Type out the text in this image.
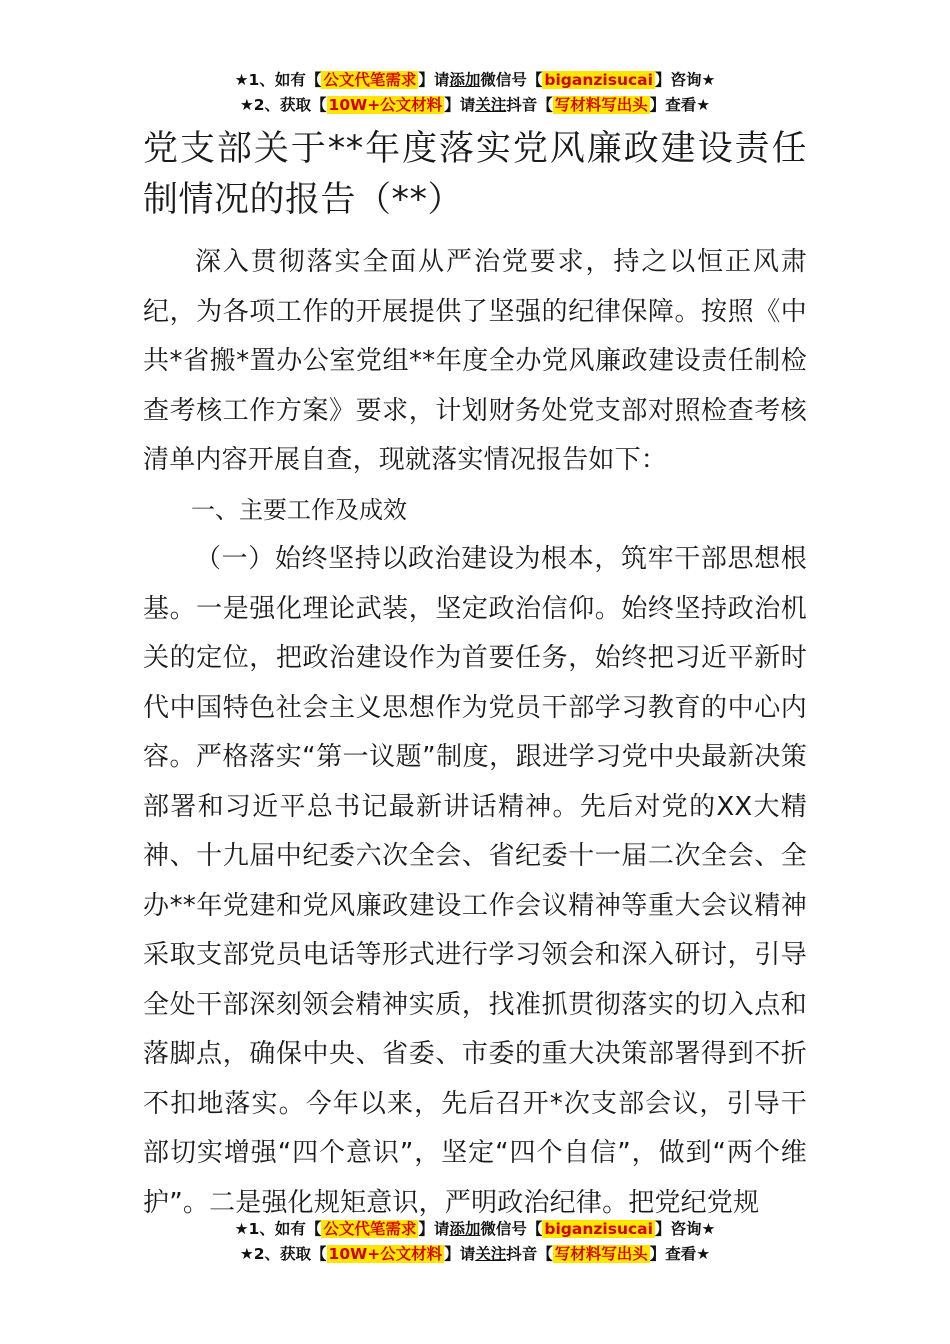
★1、如有【 公文代笔需求 】请添加微信号【 biganzisucai 】咨询★
★2、获取【 10W+公文材料 】请关注抖音【 写材料写出头 】查看★
党支部关于**年度落实党风廉政建设责任制情况的报告（**）

深入贯彻落实全面从严治党要求，持之以恒正风肃纪，为各项工作的开展提供了坚强的纪律保障。按照《中共*省搬*置办公室党组**年度全办党风廉政建设责任制检查考核工作方案》要求，计划财务处党支部对照检查考核清单内容开展自查，现就落实情况报告如下：

一、主要工作及成效

（一）始终坚持以政治建设为根本，筑牢干部思想根基。一是强化理论武装，坚定政治信仰。始终坚持政治机关的定位，把政治建设作为首要任务，始终把习近平新时代中国特色社会主义思想作为党员干部学习教育的中心内容。严格落实“第一议题”制度，跟进学习党中央最新决策部署和习近平总书记最新讲话精神。先后对党的XX大精神、十九届中纪委六次全会、省纪委十一届二次全会、全办**年党建和党风廉政建设工作会议精神等重大会议精神采取支部党员电话等形式进行学习领会和深入研讨，引导全处干部深刻领会精神实质，找准抓贯彻落实的切入点和落脚点，确保中央、省委、市委的重大决策部署得到不折不扣地落实。今年以来，先后召开*次支部会议，引导干部切实增强“四个意识”，坚定“四个自信”，做到“两个维护”。二是强化规矩意识，严明政治纪律。把党纪党规

★1、如有【 公文代笔需求 】请添加微信号【 biganzisucai 】咨询★
★2、获取【 10W+公文材料 】请关注抖音【 写材料写出头 】查看★
